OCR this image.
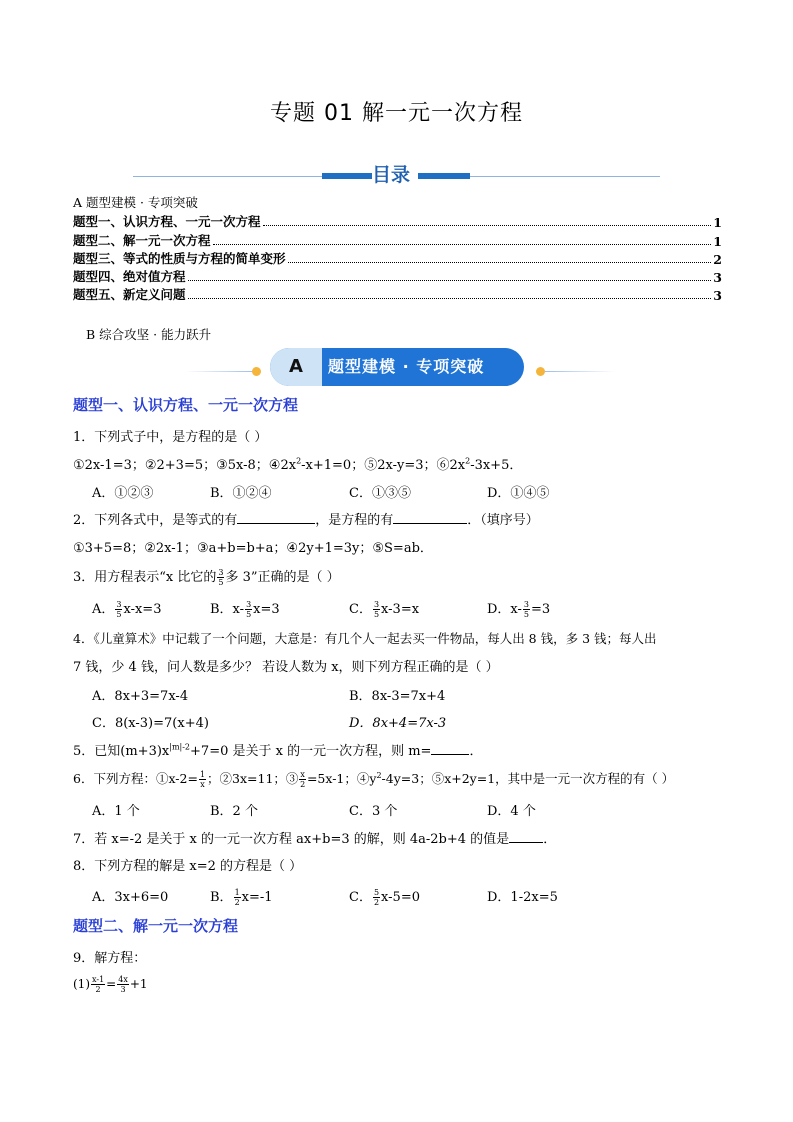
专题 01 解一元一次方程
目录
A 题型建模 · 专项突破
题型一、认识方程、一元一次方程	1
题型二、解一元一次方程	1
题型三、等式的性质与方程的简单变形	2
题型四、绝对值方程	3
题型五、新定义问题	3
B 综合攻坚 · 能力跃升
A	题型建模 · 专项突破
题型一、认识方程、一元一次方程
1．下列式子中，是方程的是（ ）
①2x-1=3；②2+3=5；③5x-8；$④2x^2-x+1=0$；⑤2x-y=3；$⑥2x^2-3x+5$．
A．①②③	B．①②④	C．①③⑤	D．①④⑤
2．下列各式中，是等式的有	，是方程的有	．（填序号）
①3+5=8；②2x-1；③a+b=b+a；④2y+1=3y；⑤S=ab．
3．用方程表示“x 比它的 $\frac{3}{5}$ 多 3”正确的是（ ）
A． $\frac{3}{5} x-x=3$	B．$x- \frac{3}{5} x=3$	C． $\frac{3}{5} x-3=x$	D．$x- \frac{3}{5} =3$
4．《儿童算术》中记载了一个问题，大意是：有几个人一起去买一件物品，每人出 8 钱，多 3 钱；每人出
7 钱，少 4 钱，问人数是多少？ 若设人数为 x，则下列方程正确的是（ ）
A．8x+3=7x-4	B．8x-3=7x+4
C．8(x-3)=7(x+4)	D．8x+4=7x-3
5．已知$(m+3)x^{|m|-2}+7=0$ 是关于 x 的一元一次方程，则 m=	．
6．下列方程：①x-2= $\frac{1}{x}$ ；②3x=11；③ $\frac{x}{2} =5x-1$；$④y^2-4y=3$；⑤x+2y=1，其中是一元一次方程的有（ ）
A．1 个	B．2 个	C．3 个	D．4 个
7．若 x=-2 是关于 x 的一元一次方程 ax+b=3 的解，则 4a-2b+4 的值是	．
8．下列方程的解是 x=2 的方程是（ ）
A．3x+6=0	B． $\frac{1}{2} x=-1$	C． $\frac{5}{2} x-5=0$	D．1-2x=5
题型二、解一元一次方程
9．解方程：
$(1) \frac{x-1}{2} = \frac{4x}{3} +1$
